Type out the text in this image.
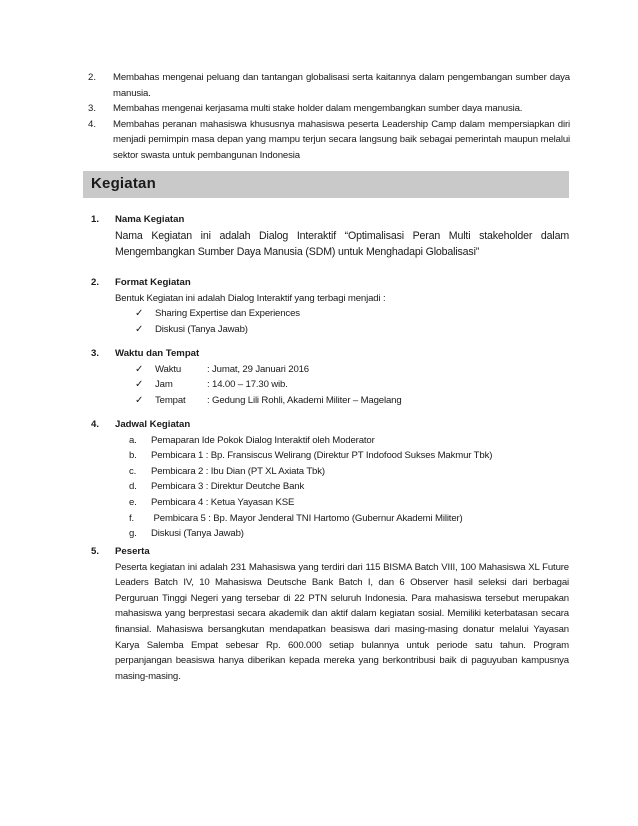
2.	Membahas mengenai peluang dan tantangan globalisasi serta kaitannya dalam pengembangan sumber daya manusia.
3.	Membahas mengenai kerjasama multi stake holder dalam mengembangkan sumber daya manusia.
4.	Membahas peranan mahasiswa khususnya mahasiswa peserta Leadership Camp dalam mempersiapkan diri menjadi pemimpin masa depan yang mampu terjun secara langsung baik sebagai pemerintah maupun melalui sektor swasta untuk pembangunan Indonesia
Kegiatan
1.	Nama Kegiatan
Nama Kegiatan ini adalah Dialog Interaktif “Optimalisasi Peran Multi stakeholder dalam Mengembangkan Sumber Daya Manusia (SDM) untuk Menghadapi Globalisasi”
2.	Format Kegiatan
Bentuk Kegiatan ini adalah Dialog Interaktif yang terbagi menjadi :
✓	Sharing Expertise dan Experiences
✓	Diskusi (Tanya Jawab)
3.	Waktu dan Tempat
✓	Waktu	: Jumat, 29 Januari 2016
✓	Jam	: 14.00 – 17.30 wib.
✓	Tempat	: Gedung Lili Rohli, Akademi Militer – Magelang
4.	Jadwal Kegiatan
a.	Pemaparan Ide Pokok Dialog Interaktif oleh Moderator
b.	Pembicara 1 : Bp. Fransiscus Welirang (Direktur PT Indofood Sukses Makmur Tbk)
c.	Pembicara 2 : Ibu Dian (PT XL Axiata Tbk)
d.	Pembicara 3 : Direktur Deutche Bank
e.	Pembicara 4 : Ketua Yayasan KSE
f.	Pembicara 5 : Bp. Mayor Jenderal TNI Hartomo (Gubernur Akademi Militer)
g.	Diskusi (Tanya Jawab)
5.	Peserta
Peserta kegiatan ini adalah 231 Mahasiswa yang terdiri dari 115 BISMA Batch VIII, 100 Mahasiswa XL Future Leaders Batch IV, 10 Mahasiswa Deutsche Bank Batch I, dan 6 Observer hasil seleksi dari berbagai Perguruan Tinggi Negeri yang tersebar di 22 PTN seluruh Indonesia. Para mahasiswa tersebut merupakan mahasiswa yang berprestasi secara akademik dan aktif dalam kegiatan sosial. Memiliki keterbatasan secara finansial. Mahasiswa bersangkutan mendapatkan beasiswa dari masing-masing donatur melalui Yayasan Karya Salemba Empat sebesar Rp. 600.000 setiap bulannya untuk periode satu tahun. Program perpanjangan beasiswa hanya diberikan kepada mereka yang berkontribusi baik di paguyuban kampusnya masing-masing.
